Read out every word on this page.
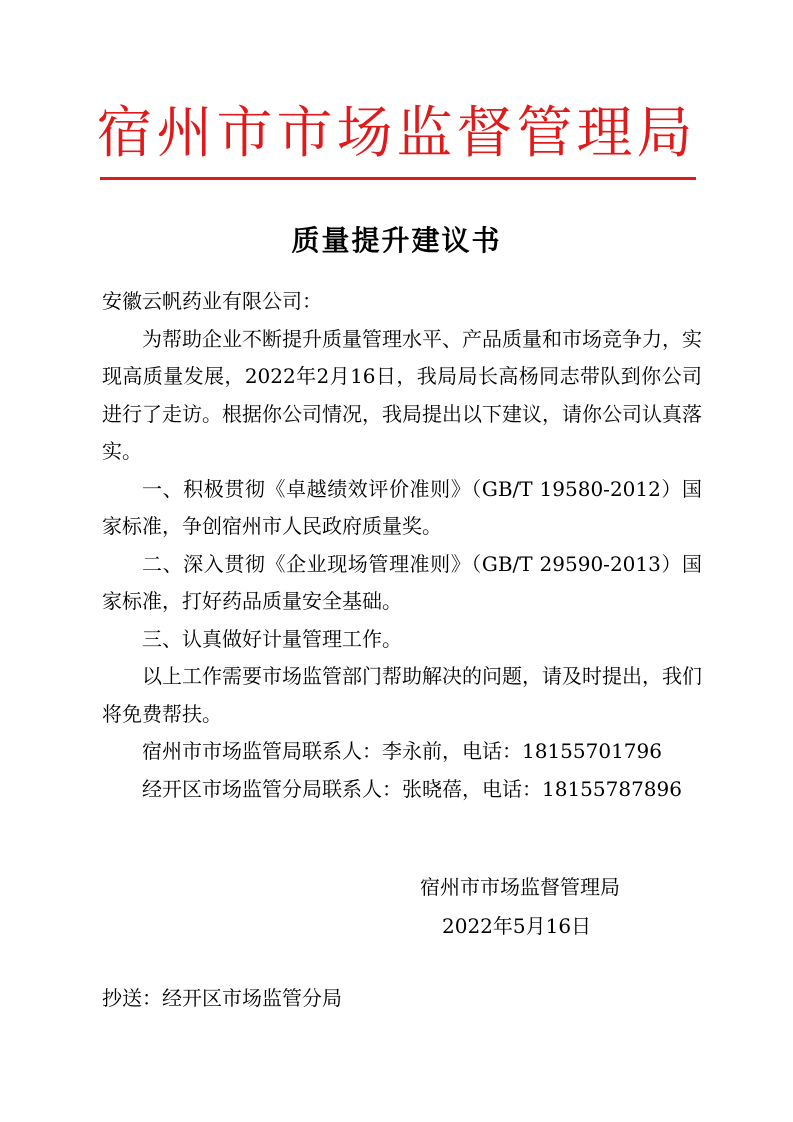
宿州市市场监督管理局
质量提升建议书

安徽云帆药业有限公司：

为帮助企业不断提升质量管理水平、产品质量和市场竞争力，实现高质量发展，2022年2月16日，我局局长高杨同志带队到你公司进行了走访。根据你公司情况，我局提出以下建议，请你公司认真落实。

一、积极贯彻《卓越绩效评价准则》（GB/T 19580-2012）国家标准，争创宿州市人民政府质量奖。

二、深入贯彻《企业现场管理准则》（GB/T 29590-2013）国家标准，打好药品质量安全基础。

三、认真做好计量管理工作。

以上工作需要市场监管部门帮助解决的问题，请及时提出，我们将免费帮扶。

宿州市市场监管局联系人：李永前，电话：18155701796

经开区市场监管分局联系人：张晓蓓，电话：18155787896

宿州市市场监督管理局
2022年5月16日
抄送：经开区市场监管分局
